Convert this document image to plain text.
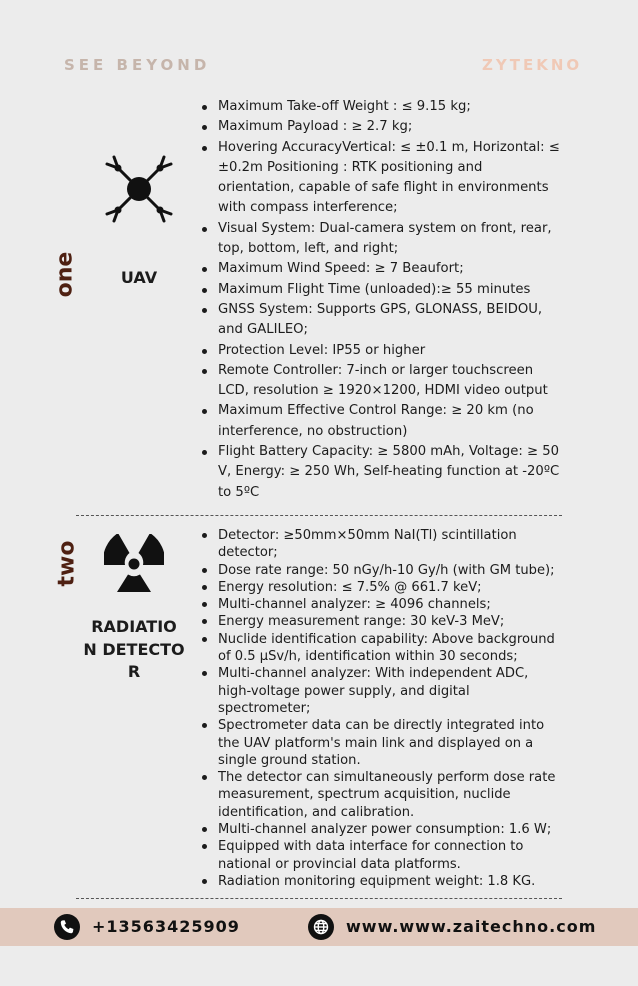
SEE BEYOND	ZYTEKNO
one	UAV
Maximum Take-off Weight : ≤ 9.15 kg;
Maximum Payload : ≥ 2.7 kg;
Hovering AccuracyVertical: ≤ ±0.1 m, Horizontal: ≤ ±0.2m Positioning : RTK positioning and orientation, capable of safe flight in environments with compass interference;
Visual System: Dual-camera system on front, rear, top, bottom, left, and right;
Maximum Wind Speed: ≥ 7 Beaufort;
Maximum Flight Time (unloaded):≥ 55 minutes
GNSS System: Supports GPS, GLONASS, BEIDOU, and GALILEO;
Protection Level: IP55 or higher
Remote Controller: 7-inch or larger touchscreen LCD, resolution ≥ 1920×1200, HDMI video output
Maximum Effective Control Range: ≥ 20 km (no interference, no obstruction)
Flight Battery Capacity: ≥ 5800 mAh, Voltage: ≥ 50 V, Energy: ≥ 250 Wh, Self-heating function at -20ºC to 5ºC
two
RADIATIO N DETECTO R
Detector: ≥50mm×50mm NaI(Tl) scintillation detector;
Dose rate range: 50 nGy/h-10 Gy/h (with GM tube);
Energy resolution: ≤ 7.5% @ 661.7 keV;
Multi-channel analyzer: ≥ 4096 channels;
Energy measurement range: 30 keV-3 MeV;
Nuclide identification capability: Above background of 0.5 μSv/h, identification within 30 seconds;
Multi-channel analyzer: With independent ADC, high-voltage power supply, and digital spectrometer;
Spectrometer data can be directly integrated into the UAV platform's main link and displayed on a single ground station.
The detector can simultaneously perform dose rate measurement, spectrum acquisition, nuclide identification, and calibration.
Multi-channel analyzer power consumption: 1.6 W;
Equipped with data interface for connection to national or provincial data platforms.
Radiation monitoring equipment weight: 1.8 KG.
+13563425909	www.www.zaitechno.com
